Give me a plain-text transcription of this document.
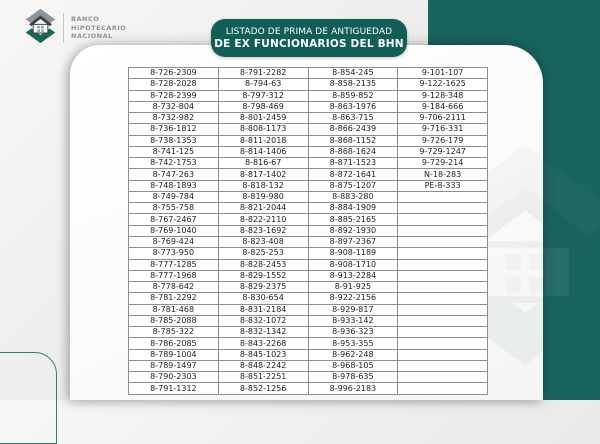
8-726-2309	8-791-2282	8-854-245	9-101-107
8-728-2028	8-794-63	8-858-2135	9-122-1625
8-728-2399	8-797-312	8-859-852	9-128-348
8-732-804	8-798-469	8-863-1976	9-184-666
8-732-982	8-801-2459	8-863-715	9-706-2111
8-736-1812	8-808-1173	8-866-2439	9-716-331
8-738-1353	8-811-2018	8-868-1152	9-726-179
8-741-125	8-814-1406	8-868-1624	9-729-1247
8-742-1753	8-816-67	8-871-1523	9-729-214
8-747-263	8-817-1402	8-872-1641	N-18-283
8-748-1893	8-818-132	8-875-1207	PE-8-333
8-749-784	8-819-980	8-883-280	
8-755-758	8-821-2044	8-884-1909	
8-767-2467	8-822-2110	8-885-2165	
8-769-1040	8-823-1692	8-892-1930	
8-769-424	8-823-408	8-897-2367	
8-773-950	8-825-253	8-908-1189	
8-777-1285	8-828-2453	8-908-1710	
8-777-1968	8-829-1552	8-913-2284	
8-778-642	8-829-2375	8-91-925	
8-781-2292	8-830-654	8-922-2156	
8-781-468	8-831-2184	8-929-817	
8-785-2088	8-832-1072	8-933-142	
8-785-322	8-832-1342	8-936-323	
8-786-2085	8-843-2268	8-953-355	
8-789-1004	8-845-1023	8-962-248	
8-789-1497	8-848-2242	8-968-105	
8-790-2303	8-851-2251	8-978-635	
8-791-1312	8-852-1256	8-996-2183	
BANCO
HIPOTECARIO
NACIONAL	LISTADO DE PRIMA DE ANTIGUEDAD
DE EX FUNCIONARIOS DEL BHN
